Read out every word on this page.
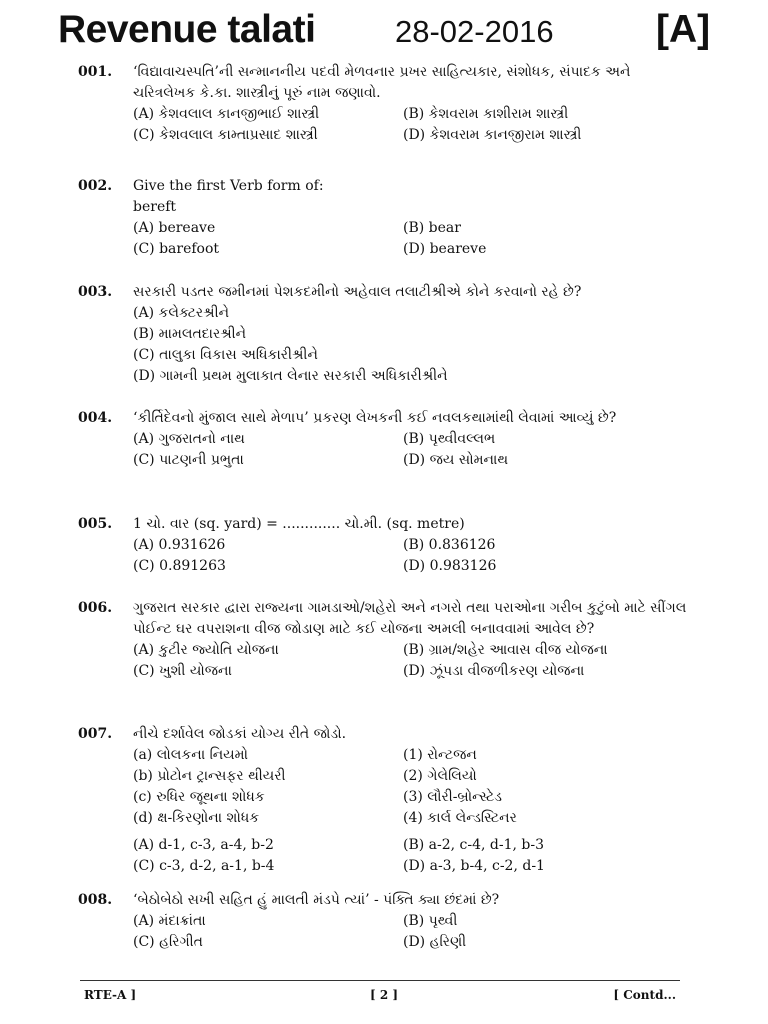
Revenue talati	28-02-2016	[A]
001. ‘વિદ્યાવાચસ્પતિ’ની સન્માનનીય પદવી મેળવનાર પ્રખર સાહિત્યકાર, સંશોધક, સંપાદક અને ચરિત્રલેખક કે.કા. શાસ્ત્રીનું પૂરું નામ જણાવો.
(A) કેશવલાલ કાનજીભાઈ શાસ્ત્રી	(B) કેશવરામ કાશીરામ શાસ્ત્રી
(C) કેશવલાલ કામ્તાપ્રસાદ શાસ્ત્રી	(D) કેશવરામ કાનજીરામ શાસ્ત્રી
002. Give the first Verb form of:
bereft
(A) bereave	(B) bear
(C) barefoot	(D) beareve
003. સરકારી પડતર જમીનમાં પેશકદમીનો અહેવાલ તલાટીશ્રીએ કોને કરવાનો રહે છે?
(A) કલેક્ટરશ્રીને
(B) મામલતદારશ્રીને
(C) તાલુકા વિકાસ અધિકારીશ્રીને
(D) ગામની પ્રથમ મુલાકાત લેનાર સરકારી અધિકારીશ્રીને
004. ‘કીર્તિદેવનો મુંજાલ સાથે મેળાપ’ પ્રકરણ લેખકની કઈ નવલકથામાંથી લેવામાં આવ્યું છે?
(A) ગુજરાતનો નાથ	(B) પૃથ્વીવલ્લભ
(C) પાટણની પ્રભુતા	(D) જય સોમનાથ
005. 1 ચો. વાર (sq. yard) = ............. ચો.મી. (sq. metre)
(A) 0.931626	(B) 0.836126
(C) 0.891263	(D) 0.983126
006. ગુજરાત સરકાર દ્વારા રાજ્યના ગામડાઓ/શહેરો અને નગરો તથા પરાઓના ગરીબ કુટુંબો માટે સીંગલ પોઈન્ટ ઘર વપરાશના વીજ જોડાણ માટે કઈ યોજના અમલી બનાવવામાં આવેલ છે?
(A) કુટીર જ્યોતિ યોજના	(B) ગ્રામ/શહેર આવાસ વીજ યોજના
(C) ખુશી યોજના	(D) ઝૂંપડા વીજળીકરણ યોજના
007. નીચે દર્શાવેલ જોડકાં યોગ્ય રીતે જોડો.
(a) લોલકના નિયમો	(1) રોન્ટજન
(b) પ્રોટોન ટ્રાન્સફર થીયરી	(2) ગેલેલિયો
(c) રુધિર જૂથના શોધક	(3) લૌરી-બ્રોન્સ્ટેડ
(d) ક્ષ-કિરણોના શોધક	(4) કાર્લ લેન્ડસ્ટિનર
(A) d-1, c-3, a-4, b-2	(B) a-2, c-4, d-1, b-3
(C) c-3, d-2, a-1, b-4	(D) a-3, b-4, c-2, d-1
008. ‘બેઠોબેઠો સખી સહિત હું માલતી મંડપે ત્યાં’ - પંક્તિ ક્યા છંદમાં છે?
(A) મંદાક્રાંતા	(B) પૃથ્વી
(C) હરિગીત	(D) હરિણી
RTE-A ]	[ 2 ]	[ Contd...
